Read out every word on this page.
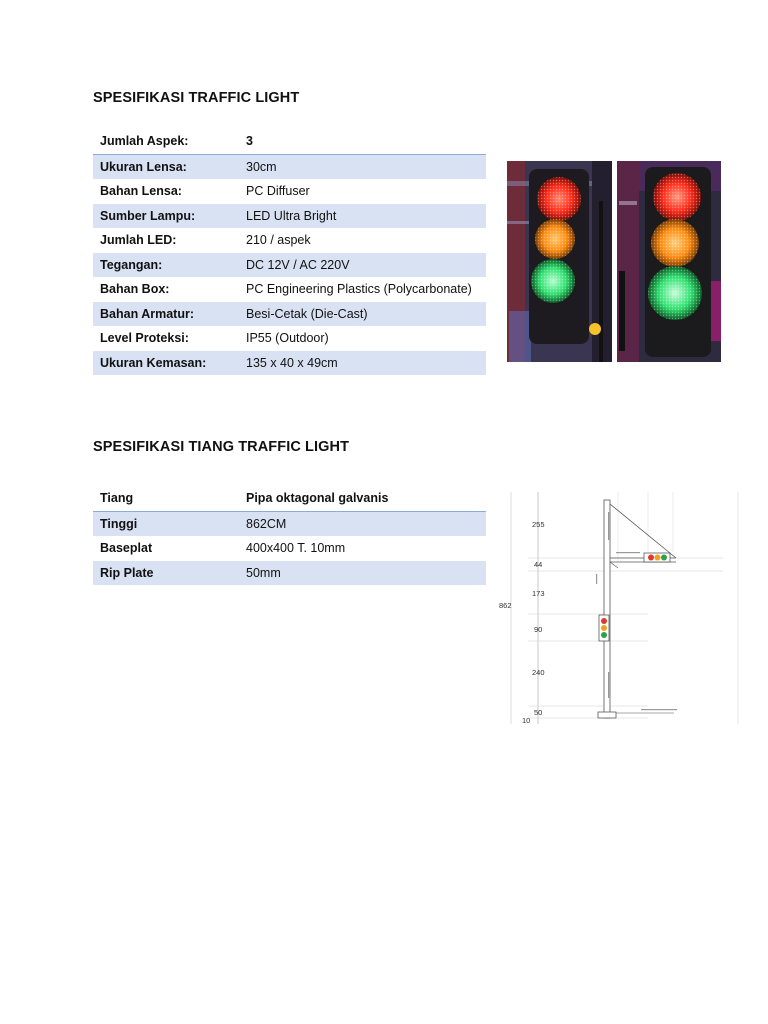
SPESIFIKASI TRAFFIC LIGHT
Jumlah Aspek:	3
Ukuran Lensa:	30cm
Bahan Lensa:	PC Diffuser
Sumber Lampu:	LED Ultra Bright
Jumlah LED:	210 / aspek
Tegangan:	DC 12V / AC 220V
Bahan Box:	PC Engineering Plastics (Polycarbonate)
Bahan Armatur:	Besi-Cetak (Die-Cast)
Level Proteksi:	IP55 (Outdoor)
Ukuran Kemasan:	135 x 40 x 49cm
SPESIFIKASI TIANG TRAFFIC LIGHT
Tiang	Pipa oktagonal galvanis
Tinggi	862CM
Baseplat	400x400 T. 10mm
Rip Plate	50mm
255
44
173
862
90
240
50
10
